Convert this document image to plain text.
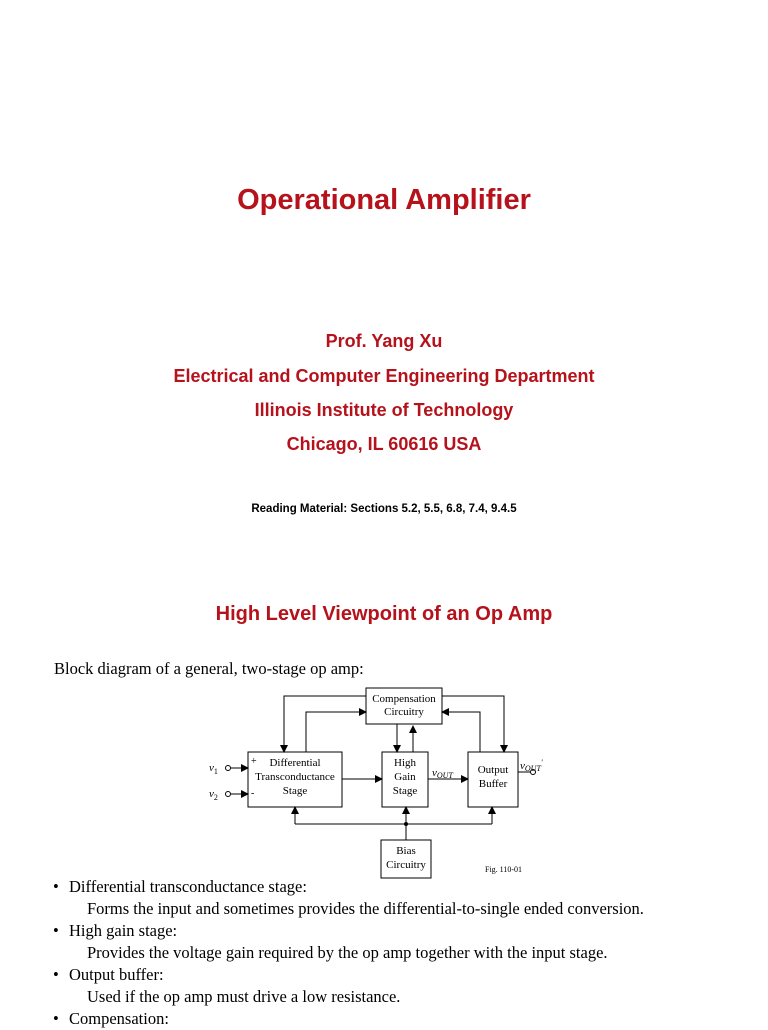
Operational Amplifier
Prof. Yang Xu
Electrical and Computer Engineering Department
Illinois Institute of Technology
Chicago, IL 60616 USA
Reading Material: Sections 5.2, 5.5, 6.8, 7.4, 9.4.5
High Level Viewpoint of an Op Amp
Block diagram of a general, two-stage op amp:
Compensation
Circuitry
Differential
Transconductance
Stage
High
Gain
Stage
Output
Buffer
Bias
Circuitry
$v_1$
$v_2$
vOUT
vOUT'
+
-
Fig. 110-01
• Differential transconductance stage:
Forms the input and sometimes provides the differential-to-single ended conversion.
• High gain stage:
Provides the voltage gain required by the op amp together with the input stage.
• Output buffer:
Used if the op amp must drive a low resistance.
• Compensation:
